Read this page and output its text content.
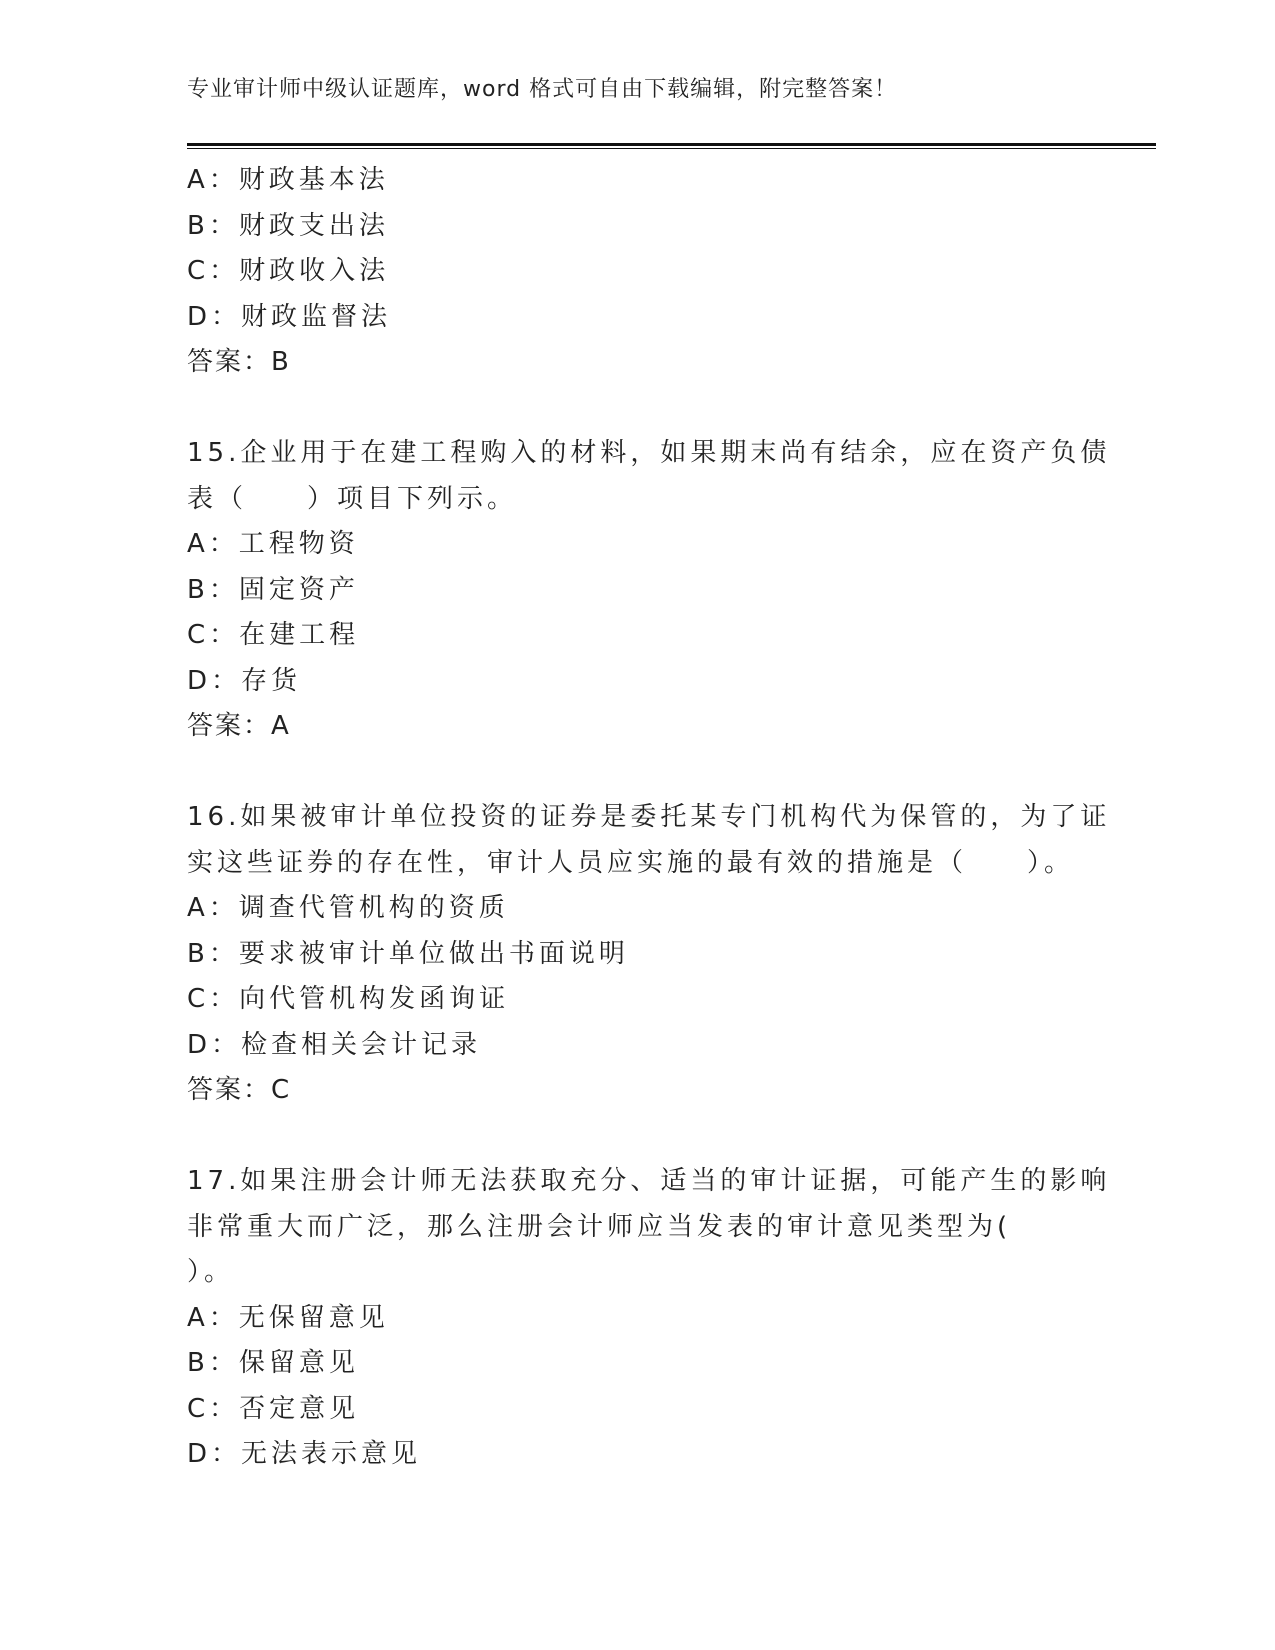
专业审计师中级认证题库，word 格式可自由下载编辑，附完整答案！
A：财政基本法
B：财政支出法
C：财政收入法
D：财政监督法
答案：B
15.企业用于在建工程购入的材料，如果期末尚有结余，应在资产负债
表（　　）项目下列示。
A：工程物资
B：固定资产
C：在建工程
D：存货
答案：A
16.如果被审计单位投资的证券是委托某专门机构代为保管的，为了证
实这些证券的存在性，审计人员应实施的最有效的措施是（　　）。
A：调查代管机构的资质
B：要求被审计单位做出书面说明
C：向代管机构发函询证
D：检查相关会计记录
答案：C
17.如果注册会计师无法获取充分、适当的审计证据，可能产生的影响
非常重大而广泛，那么注册会计师应当发表的审计意见类型为(
）。
A：无保留意见
B：保留意见
C：否定意见
D：无法表示意见
